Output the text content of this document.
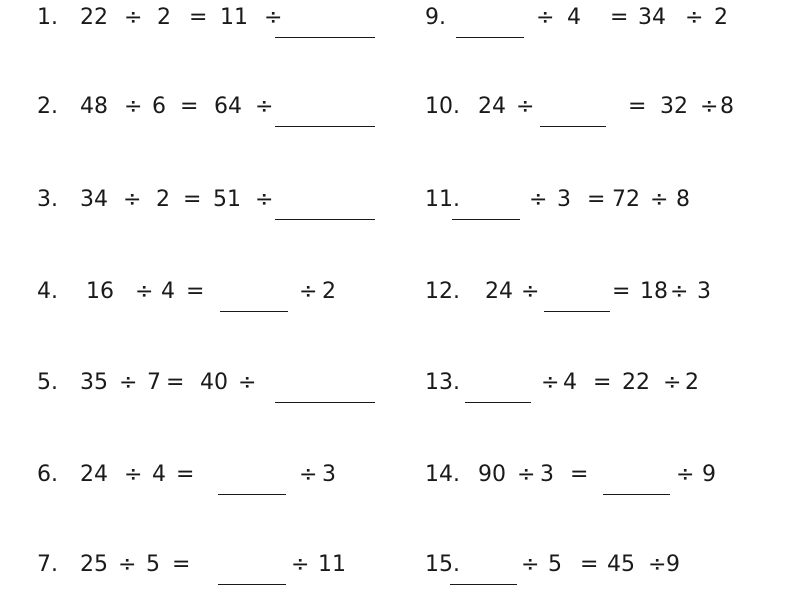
1. 22 ÷ 2 = 11 ÷
2. 48 ÷ 6 = 64 ÷
3. 34 ÷ 2 = 51 ÷
4. 16 ÷ 4 =	÷ 2
5. 35 ÷ 7 = 40 ÷
6. 24 ÷ 4 =	÷ 3
7. 25 ÷ 5 =	÷ 11
9.	÷ 4 = 34 ÷ 2
10. 24 ÷	= 32 ÷ 8
11.	÷ 3 = 72 ÷ 8
12. 24 ÷	= 18 ÷ 3
13.	÷ 4 = 22 ÷ 2
14. 90 ÷ 3 =	÷ 9
15.	÷ 5 = 45 ÷ 9
